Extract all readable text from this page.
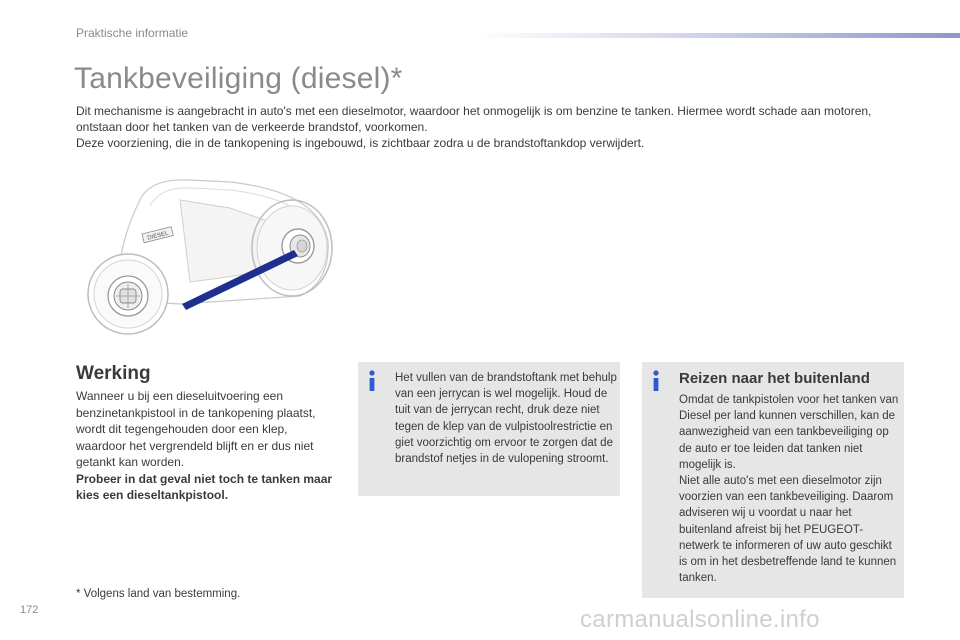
Praktische informatie
Tankbeveiliging (diesel)*

Dit mechanisme is aangebracht in auto's met een dieselmotor, waardoor het onmogelijk is om benzine te tanken. Hiermee wordt schade aan motoren, ontstaan door het tanken van de verkeerde brandstof, voorkomen.

Deze voorziening, die in de tankopening is ingebouwd, is zichtbaar zodra u de brandstoftankdop verwijdert.

DIESEL
Werking

Wanneer u bij een dieseluitvoering een benzinetankpistool in de tankopening plaatst, wordt dit tegengehouden door een klep, waardoor het vergrendeld blijft en er dus niet getankt kan worden.

Probeer in dat geval niet toch te tanken maar kies een dieseltankpistool.

Het vullen van de brandstoftank met behulp van een jerrycan is wel mogelijk. Houd de tuit van de jerrycan recht, druk deze niet tegen de klep van de vulpistoolrestrictie en giet voorzichtig om ervoor te zorgen dat de brandstof netjes in de vulopening stroomt.
Reizen naar het buitenland

Omdat de tankpistolen voor het tanken van Diesel per land kunnen verschillen, kan de aanwezigheid van een tankbeveiliging op de auto er toe leiden dat tanken niet mogelijk is.

Niet alle auto's met een dieselmotor zijn voorzien van een tankbeveiliging. Daarom adviseren wij u voordat u naar het buitenland afreist bij het PEUGEOT-netwerk te informeren of uw auto geschikt is om in het desbetreffende land te kunnen tanken.

* Volgens land van bestemming.
172	carmanualsonline.info
